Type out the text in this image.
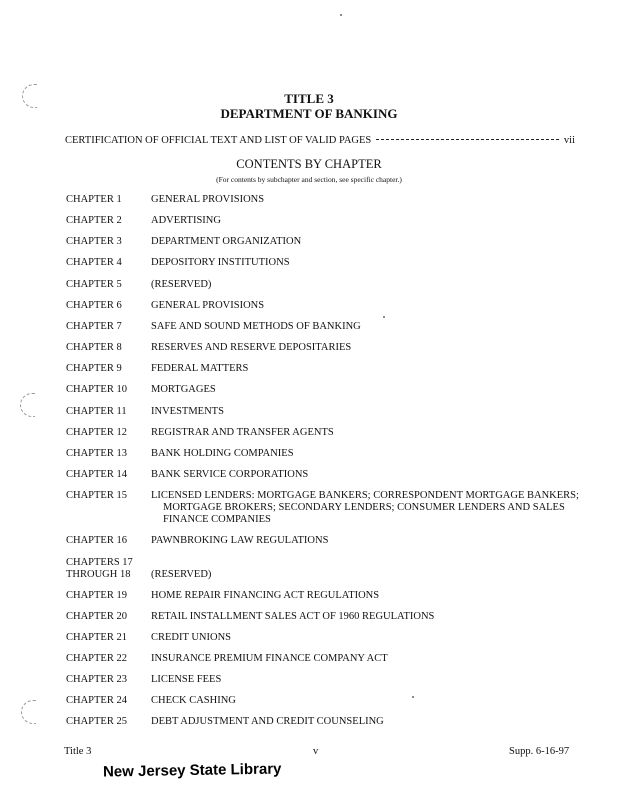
TITLE 3
DEPARTMENT OF BANKING
CERTIFICATION OF OFFICIAL TEXT AND LIST OF VALID PAGES	vii
CONTENTS BY CHAPTER
(For contents by subchapter and section, see specific chapter.)
CHAPTER 1	GENERAL PROVISIONS
CHAPTER 2	ADVERTISING
CHAPTER 3	DEPARTMENT ORGANIZATION
CHAPTER 4	DEPOSITORY INSTITUTIONS
CHAPTER 5	(RESERVED)
CHAPTER 6	GENERAL PROVISIONS
CHAPTER 7	SAFE AND SOUND METHODS OF BANKING
CHAPTER 8	RESERVES AND RESERVE DEPOSITARIES
CHAPTER 9	FEDERAL MATTERS
CHAPTER 10	MORTGAGES
CHAPTER 11	INVESTMENTS
CHAPTER 12	REGISTRAR AND TRANSFER AGENTS
CHAPTER 13	BANK HOLDING COMPANIES
CHAPTER 14	BANK SERVICE CORPORATIONS
CHAPTER 15	LICENSED LENDERS: MORTGAGE BANKERS; CORRESPONDENT MORTGAGE BANKERS;
MORTGAGE BROKERS; SECONDARY LENDERS; CONSUMER LENDERS AND SALES
FINANCE COMPANIES
CHAPTER 16	PAWNBROKING LAW REGULATIONS
CHAPTERS 17
THROUGH 18	(RESERVED)
CHAPTER 19	HOME REPAIR FINANCING ACT REGULATIONS
CHAPTER 20	RETAIL INSTALLMENT SALES ACT OF 1960 REGULATIONS
CHAPTER 21	CREDIT UNIONS
CHAPTER 22	INSURANCE PREMIUM FINANCE COMPANY ACT
CHAPTER 23	LICENSE FEES
CHAPTER 24	CHECK CASHING
CHAPTER 25	DEBT ADJUSTMENT AND CREDIT COUNSELING
Title 3	v	Supp. 6-16-97
New Jersey State Library
